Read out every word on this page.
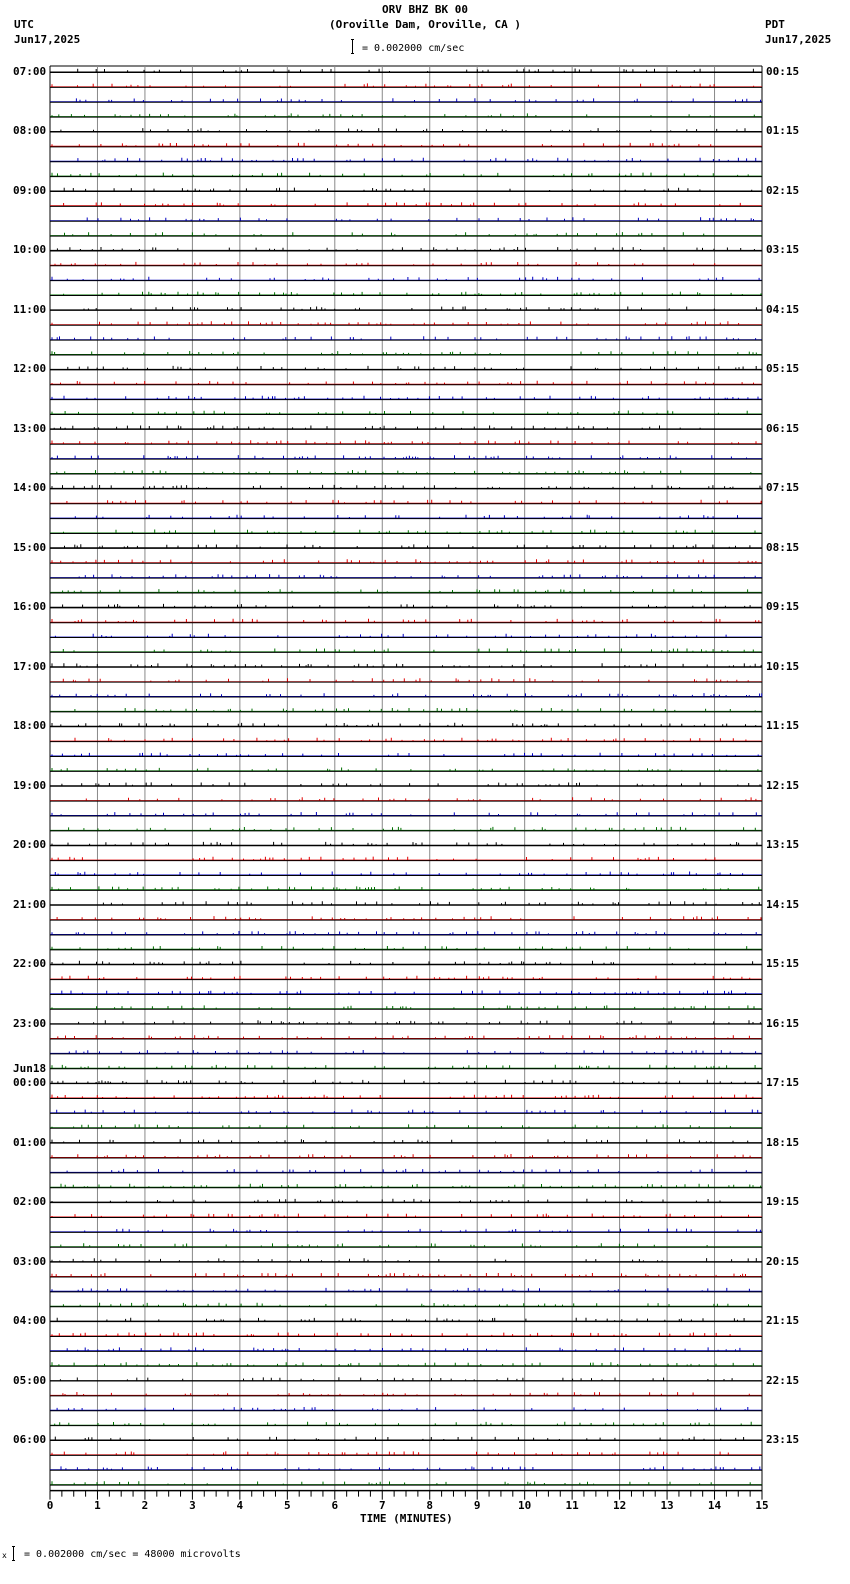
ORV BHZ BK 00
(Oroville Dam, Oroville, CA )
UTC
Jun17,2025
PDT
Jun17,2025
= 0.002000 cm/sec
0	1	2	3	4	5	6	7	8	9	10	11	12	13	14	15
07:00
08:00
09:00
10:00
11:00
12:00
13:00
14:00
15:00
16:00
17:00
18:00
19:00
20:00
21:00
22:00
23:00
00:00
Jun18
01:00
02:00
03:00
04:00
05:00
06:00
00:15
01:15
02:15
03:15
04:15
05:15
06:15
07:15
08:15
09:15
10:15
11:15
12:15
13:15
14:15
15:15
16:15
17:15
18:15
19:15
20:15
21:15
22:15
23:15
TIME (MINUTES)
x = 0.002000 cm/sec = 48000 microvolts
